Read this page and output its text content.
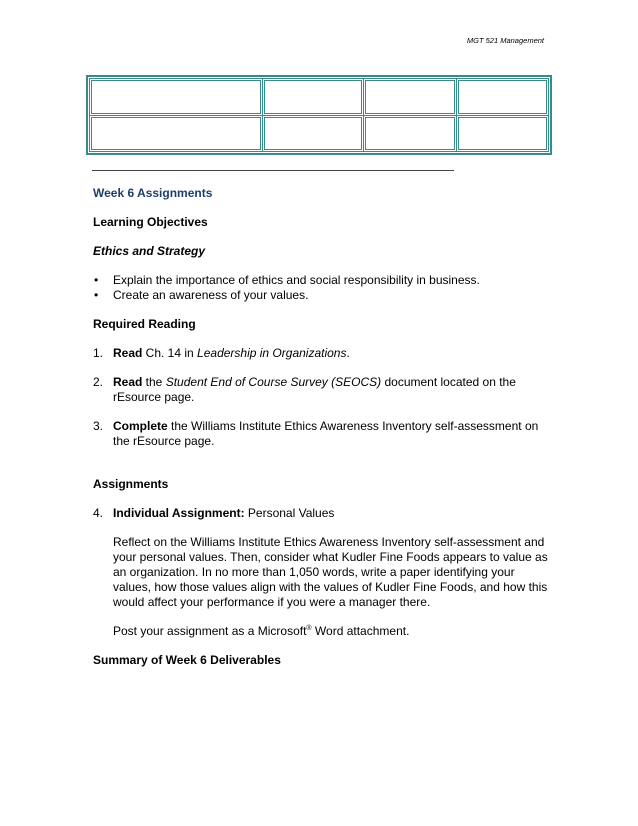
MGT 521 Management

Week 6 Assignments
Learning Objectives
Ethics and Strategy
• Explain the importance of ethics and social responsibility in business.
• Create an awareness of your values.
Required Reading
1. Read Ch. 14 in Leadership in Organizations.
2. Read the Student End of Course Survey (SEOCS) document located on the rEsource page.
3. Complete the Williams Institute Ethics Awareness Inventory self-assessment on the rEsource page.
Assignments
4. Individual Assignment: Personal Values
Reflect on the Williams Institute Ethics Awareness Inventory self-assessment and your personal values. Then, consider what Kudler Fine Foods appears to value as an organization. In no more than 1,050 words, write a paper identifying your values, how those values align with the values of Kudler Fine Foods, and how this would affect your performance if you were a manager there.
Post your assignment as a Microsoft® Word attachment.
Summary of Week 6 Deliverables
